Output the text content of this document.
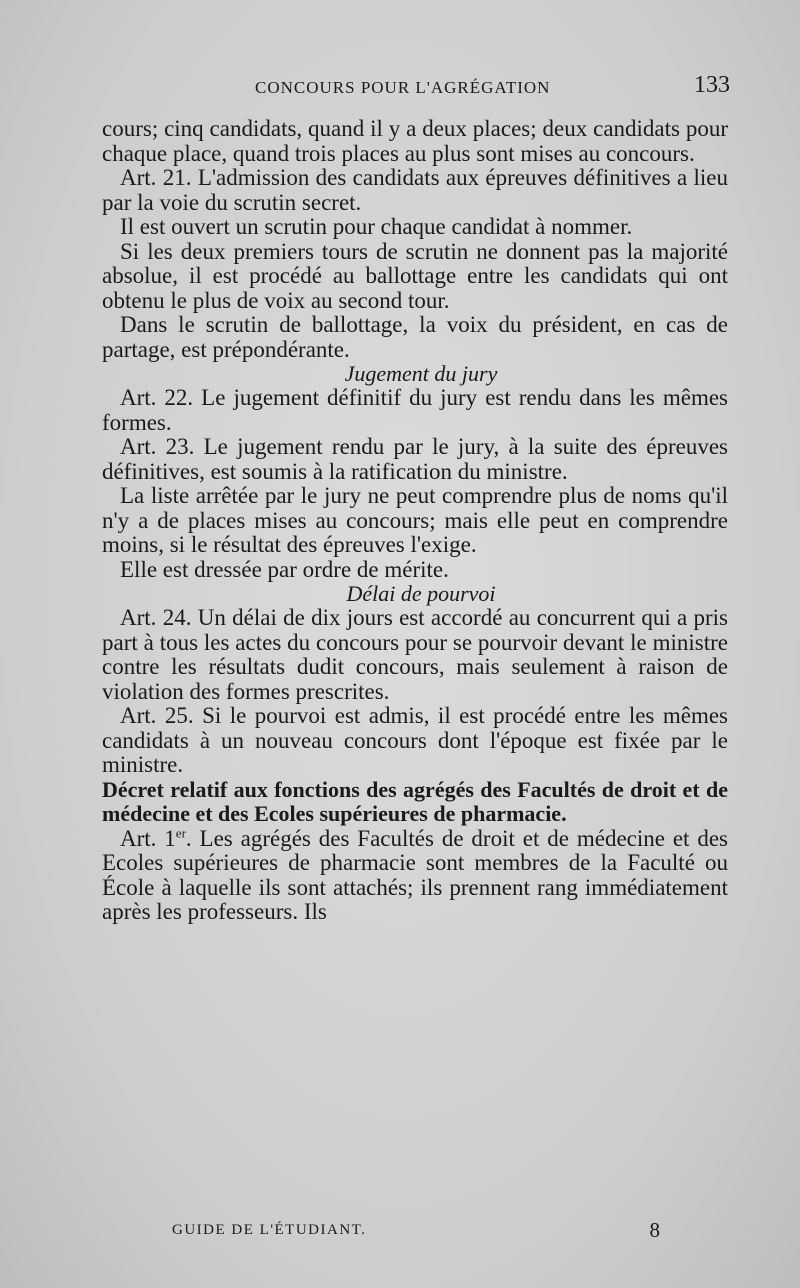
CONCOURS POUR L'AGRÉGATION	133

cours; cinq candidats, quand il y a deux places; deux candidats pour chaque place, quand trois places au plus sont mises au concours.

Art. 21. L'admission des candidats aux épreuves définitives a lieu par la voie du scrutin secret.

Il est ouvert un scrutin pour chaque candidat à nommer.

Si les deux premiers tours de scrutin ne donnent pas la majorité absolue, il est procédé au ballottage entre les candidats qui ont obtenu le plus de voix au second tour.

Dans le scrutin de ballottage, la voix du président, en cas de partage, est prépondérante.

Jugement du jury

Art. 22. Le jugement définitif du jury est rendu dans les mêmes formes.

Art. 23. Le jugement rendu par le jury, à la suite des épreuves définitives, est soumis à la ratification du ministre.

La liste arrêtée par le jury ne peut comprendre plus de noms qu'il n'y a de places mises au concours; mais elle peut en comprendre moins, si le résultat des épreuves l'exige.

Elle est dressée par ordre de mérite.

Délai de pourvoi

Art. 24. Un délai de dix jours est accordé au concurrent qui a pris part à tous les actes du concours pour se pourvoir devant le ministre contre les résultats dudit concours, mais seulement à raison de violation des formes prescrites.

Art. 25. Si le pourvoi est admis, il est procédé entre les mêmes candidats à un nouveau concours dont l'époque est fixée par le ministre.

Décret relatif aux fonctions des agrégés des Facultés de droit et de médecine et des Ecoles supérieures de pharmacie.

Art. 1er. Les agrégés des Facultés de droit et de médecine et des Ecoles supérieures de pharmacie sont membres de la Faculté ou École à laquelle ils sont attachés; ils prennent rang immédiatement après les professeurs. Ils

GUIDE DE L'ÉTUDIANT.	8
